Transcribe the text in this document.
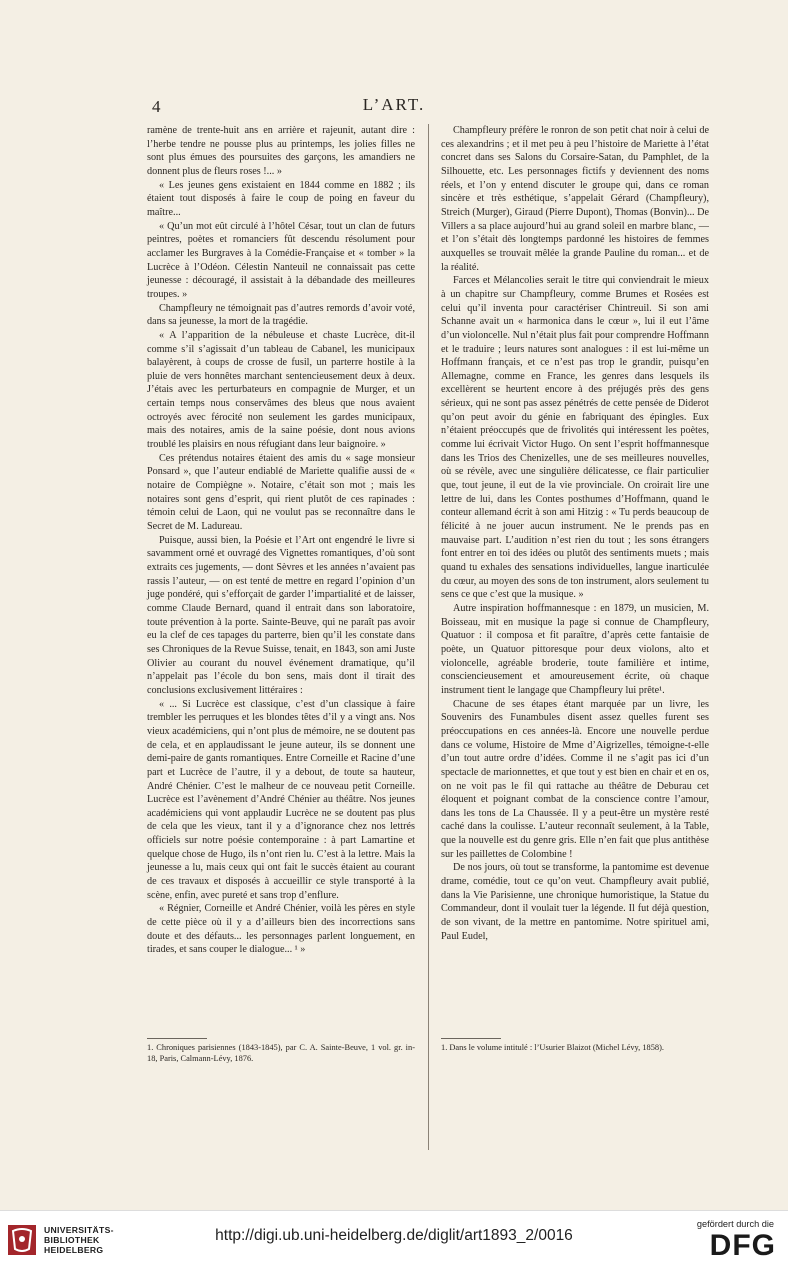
4	L’ART.

ramène de trente-huit ans en arrière et rajeunit, autant dire : l’herbe tendre ne pousse plus au printemps, les jolies filles ne sont plus émues des poursuites des garçons, les amandiers ne donnent plus de fleurs roses !... »

« Les jeunes gens existaient en 1844 comme en 1882 ; ils étaient tout disposés à faire le coup de poing en faveur du maître...

« Qu’un mot eût circulé à l’hôtel César, tout un clan de futurs peintres, poètes et romanciers fût descendu résolument pour acclamer les Burgraves à la Comédie-Française et « tomber » la Lucrèce à l’Odéon. Célestin Nanteuil ne connaissait pas cette jeunesse : découragé, il assistait à la débandade des meilleures troupes. »

Champfleury ne témoignait pas d’autres remords d’avoir voté, dans sa jeunesse, la mort de la tragédie.

« A l’apparition de la nébuleuse et chaste Lucrèce, dit-il comme s’il s’agissait d’un tableau de Cabanel, les municipaux balayèrent, à coups de crosse de fusil, un parterre hostile à la pluie de vers honnêtes marchant sentencieusement deux à deux. J’étais avec les perturbateurs en compagnie de Murger, et un certain temps nous conservâmes des bleus que nous avaient octroyés avec férocité non seulement les gardes municipaux, mais des notaires, amis de la saine poésie, dont nous avions troublé les plaisirs en nous réfugiant dans leur baignoire. »

Ces prétendus notaires étaient des amis du « sage monsieur Ponsard », que l’auteur endiablé de Mariette qualifie aussi de « notaire de Compiègne ». Notaire, c’était son mot ; mais les notaires sont gens d’esprit, qui rient plutôt de ces rapinades : témoin celui de Laon, qui ne voulut pas se reconnaître dans le Secret de M. Ladureau.

Puisque, aussi bien, la Poésie et l’Art ont engendré le livre si savamment orné et ouvragé des Vignettes romantiques, d’où sont extraits ces jugements, — dont Sèvres et les années n’avaient pas rassis l’auteur, — on est tenté de mettre en regard l’opinion d’un juge pondéré, qui s’efforçait de garder l’impartialité et de laisser, comme Claude Bernard, quand il entrait dans son laboratoire, toute prévention à la porte. Sainte-Beuve, qui ne paraît pas avoir eu la clef de ces tapages du parterre, bien qu’il les constate dans ses Chroniques de la Revue Suisse, tenait, en 1843, son ami Juste Olivier au courant du nouvel événement dramatique, qu’il n’appelait pas l’école du bon sens, mais dont il tirait des conclusions exclusivement littéraires :

« ... Si Lucrèce est classique, c’est d’un classique à faire trembler les perruques et les blondes têtes d’il y a vingt ans. Nos vieux académiciens, qui n’ont plus de mémoire, ne se doutent pas de cela, et en applaudissant le jeune auteur, ils se donnent une demi-paire de gants romantiques. Entre Corneille et Racine d’une part et Lucrèce de l’autre, il y a debout, de toute sa hauteur, André Chénier. C’est le malheur de ce nouveau petit Corneille. Lucrèce est l’avènement d’André Chénier au théâtre. Nos jeunes académiciens qui vont applaudir Lucrèce ne se doutent pas plus de cela que les vieux, tant il y a d’ignorance chez nos lettrés officiels sur notre poésie contemporaine : à part Lamartine et quelque chose de Hugo, ils n’ont rien lu. C’est à la lettre. Mais la jeunesse a lu, mais ceux qui ont fait le succès étaient au courant de ces travaux et disposés à accueillir ce style transporté à la scène, enfin, avec pureté et sans trop d’enflure.

« Régnier, Corneille et André Chénier, voilà les pères en style de cette pièce où il y a d’ailleurs bien des incorrections sans doute et des défauts... les personnages parlent longuement, en tirades, et sans couper le dialogue... ¹ »

Champfleury préfère le ronron de son petit chat noir à celui de ces alexandrins ; et il met peu à peu l’histoire de Mariette à l’état concret dans ses Salons du Corsaire-Satan, du Pamphlet, de la Silhouette, etc. Les personnages fictifs y deviennent des noms réels, et l’on y entend discuter le groupe qui, dans ce roman sincère et très esthétique, s’appelait Gérard (Champfleury), Streich (Murger), Giraud (Pierre Dupont), Thomas (Bonvin)... De Villers a sa place aujourd’hui au grand soleil en marbre blanc, — et l’on s’était dès longtemps pardonné les histoires de femmes auxquelles se trouvait mêlée la grande Pauline du roman... et de la réalité.

Farces et Mélancolies serait le titre qui conviendrait le mieux à un chapitre sur Champfleury, comme Brumes et Rosées est celui qu’il inventa pour caractériser Chintreuil. Si son ami Schanne avait un « harmonica dans le cœur », lui il eut l’âme d’un violoncelle. Nul n’était plus fait pour comprendre Hoffmann et le traduire ; leurs natures sont analogues : il est lui-même un Hoffmann français, et ce n’est pas trop le grandir, puisqu’en Allemagne, comme en France, les genres dans lesquels ils excellèrent se heurtent encore à des préjugés près des gens sérieux, qui ne sont pas assez pénétrés de cette pensée de Diderot qu’on peut avoir du génie en fabriquant des épingles. Eux n’étaient préoccupés que de frivolités qui intéressent les poètes, comme lui écrivait Victor Hugo. On sent l’esprit hoffmannesque dans les Trios des Chenizelles, une de ses meilleures nouvelles, où se révèle, avec une singulière délicatesse, ce flair particulier que, tout jeune, il eut de la vie provinciale. On croirait lire une lettre de lui, dans les Contes posthumes d’Hoffmann, quand le conteur allemand écrit à son ami Hitzig : « Tu perds beaucoup de félicité à ne jouer aucun instrument. Ne le prends pas en mauvaise part. L’audition n’est rien du tout ; les sons étrangers font entrer en toi des idées ou plutôt des sentiments muets ; mais quand tu exhales des sensations individuelles, langue inarticulée du cœur, au moyen des sons de ton instrument, alors seulement tu sens ce que c’est que la musique. »

Autre inspiration hoffmannesque : en 1879, un musicien, M. Boisseau, mit en musique la page si connue de Champfleury, Quatuor : il composa et fit paraître, d’après cette fantaisie de poète, un Quatuor pittoresque pour deux violons, alto et violoncelle, agréable broderie, toute familière et intime, consciencieusement et amoureusement écrite, où chaque instrument tient le langage que Champfleury lui prête¹.

Chacune de ses étapes étant marquée par un livre, les Souvenirs des Funambules disent assez quelles furent ses préoccupations en ces années-là. Encore une nouvelle perdue dans ce volume, Histoire de Mme d’Aigrizelles, témoigne-t-elle d’un tout autre ordre d’idées. Comme il ne s’agit pas ici d’un spectacle de marionnettes, et que tout y est bien en chair et en os, on ne voit pas le fil qui rattache au théâtre de Deburau cet éloquent et poignant combat de la conscience contre l’amour, dans les tons de La Chaussée. Il y a peut-être un mystère resté caché dans la coulisse. L’auteur reconnaît seulement, à la Table, que la nouvelle est du genre gris. Elle n’en fait que plus antithèse sur les paillettes de Colombine !

De nos jours, où tout se transforme, la pantomime est devenue drame, comédie, tout ce qu’on veut. Champfleury avait publié, dans la Vie Parisienne, une chronique humoristique, la Statue du Commandeur, dont il voulait tuer la légende. Il fut déjà question, de son vivant, de la mettre en pantomime. Notre spirituel ami, Paul Eudel,

1. Chroniques parisiennes (1843-1845), par C. A. Sainte-Beuve, 1 vol. gr. in-18, Paris, Calmann-Lévy, 1876.
1. Dans le volume intitulé : l’Usurier Blaizot (Michel Lévy, 1858).
UNIVERSITÄTS-
BIBLIOTHEK
HEIDELBERG
http://digi.ub.uni-heidelberg.de/diglit/art1893_2/0016
gefördert durch die
DFG
